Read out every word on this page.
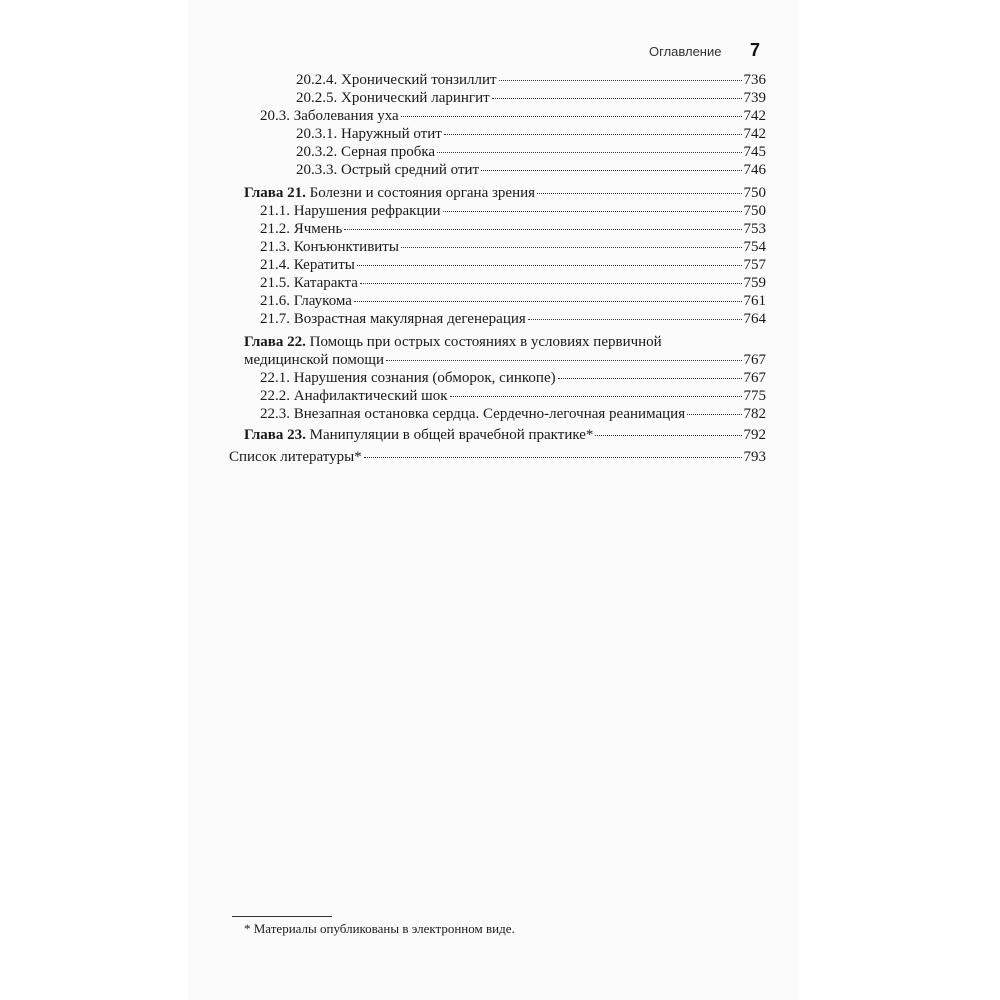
Оглавление 7
20.2.4. Хронический тонзиллит	736
20.2.5. Хронический ларингит	739
20.3. Заболевания уха	742
20.3.1. Наружный отит	742
20.3.2. Серная пробка	745
20.3.3. Острый средний отит	746
Глава 21. Болезни и состояния органа зрения	750
21.1. Нарушения рефракции	750
21.2. Ячмень	753
21.3. Конъюнктивиты	754
21.4. Кератиты	757
21.5. Катаракта	759
21.6. Глаукома	761
21.7. Возрастная макулярная дегенерация	764
Глава 22. Помощь при острых состояниях в условиях первичной
медицинской помощи	767
22.1. Нарушения сознания (обморок, синкопе)	767
22.2. Анафилактический шок	775
22.3. Внезапная остановка сердца. Сердечно-легочная реанимация	782
Глава 23. Манипуляции в общей врачебной практике*	792
Список литературы*	793
* Материалы опубликованы в электронном виде.
